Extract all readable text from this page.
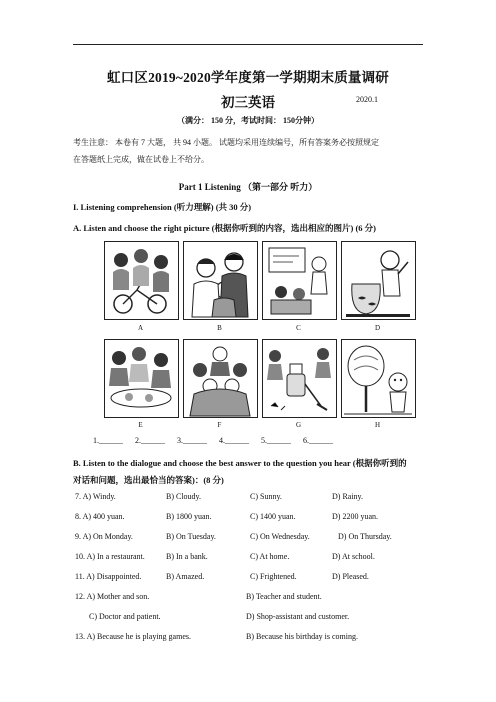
虹口区2019~2020学年度第一学期期末质量调研
初三英语	2020.1
（满分： 150 分，考试时间： 150分钟）
考生注意： 本卷有 7 大题， 共 94 小题。 试题均采用连续编号，所有答案务必按照规定
在答题纸上完成，做在试卷上不给分。
Part 1 Listening （第一部分 听力）
I. Listening comprehension (听力理解) (共 30 分)
A. Listen and choose the right picture (根据你听到的内容，选出相应的图片) (6 分)
A	B	C	D
E	F	G	H
1.______ 2.______ 3.______ 4.______ 5.______ 6.______
B. Listen to the dialogue and choose the best answer to the question you hear (根据你听到的
对话和问题，选出最恰当的答案)：(8 分)
7. A) Windy.	B) Cloudy.	C) Sunny.	D) Rainy.
8. A) 400 yuan.	B) 1800 yuan.	C) 1400 yuan.	D) 2200 yuan.
9. A) On Monday.	B) On Tuesday.	C) On Wednesday.	D) On Thursday.
10. A) In a restaurant.	B) In a bank.	C) At home.	D) At school.
11. A) Disappointed.	B) Amazed.	C) Frightened.	D) Pleased.
12. A) Mother and son.	B) Teacher and student.
C) Doctor and patient.	D) Shop-assistant and customer.
13. A) Because he is playing games.	B) Because his birthday is coming.
